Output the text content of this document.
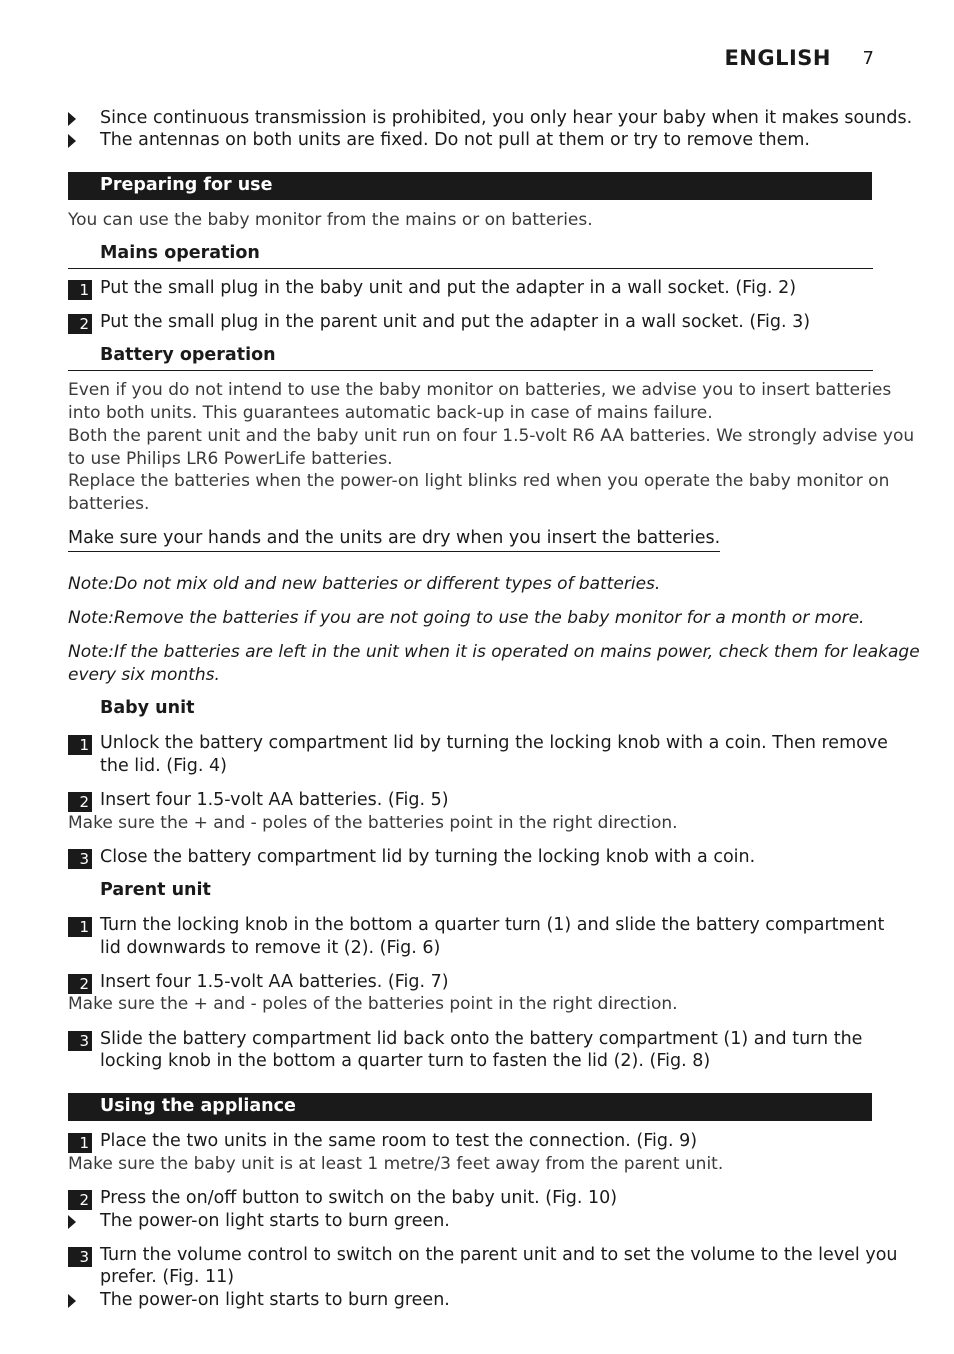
ENGLISH 7
Since continuous transmission is prohibited, you only hear your baby when it makes sounds.
The antennas on both units are fixed. Do not pull at them or try to remove them.
Preparing for use
You can use the baby monitor from the mains or on batteries.
Mains operation
1 Put the small plug in the baby unit and put the adapter in a wall socket. (Fig. 2)
2 Put the small plug in the parent unit and put the adapter in a wall socket. (Fig. 3)
Battery operation
Even if you do not intend to use the baby monitor on batteries, we advise you to insert batteries
into both units. This guarantees automatic back-up in case of mains failure.
Both the parent unit and the baby unit run on four 1.5-volt R6 AA batteries. We strongly advise you
to use Philips LR6 PowerLife batteries.
Replace the batteries when the power-on light blinks red when you operate the baby monitor on
batteries.
Make sure your hands and the units are dry when you insert the batteries.
Note:Do not mix old and new batteries or different types of batteries.
Note:Remove the batteries if you are not going to use the baby monitor for a month or more.
Note:If the batteries are left in the unit when it is operated on mains power, check them for leakage
every six months.
Baby unit
1 Unlock the battery compartment lid by turning the locking knob with a coin. Then remove
the lid. (Fig. 4)
2 Insert four 1.5-volt AA batteries. (Fig. 5)
Make sure the + and - poles of the batteries point in the right direction.
3 Close the battery compartment lid by turning the locking knob with a coin.
Parent unit
1 Turn the locking knob in the bottom a quarter turn (1) and slide the battery compartment
lid downwards to remove it (2). (Fig. 6)
2 Insert four 1.5-volt AA batteries. (Fig. 7)
Make sure the + and - poles of the batteries point in the right direction.
3 Slide the battery compartment lid back onto the battery compartment (1) and turn the
locking knob in the bottom a quarter turn to fasten the lid (2). (Fig. 8)
Using the appliance
1 Place the two units in the same room to test the connection. (Fig. 9)
Make sure the baby unit is at least 1 metre/3 feet away from the parent unit.
2 Press the on/off button to switch on the baby unit. (Fig. 10)
The power-on light starts to burn green.
3 Turn the volume control to switch on the parent unit and to set the volume to the level you
prefer. (Fig. 11)
The power-on light starts to burn green.
